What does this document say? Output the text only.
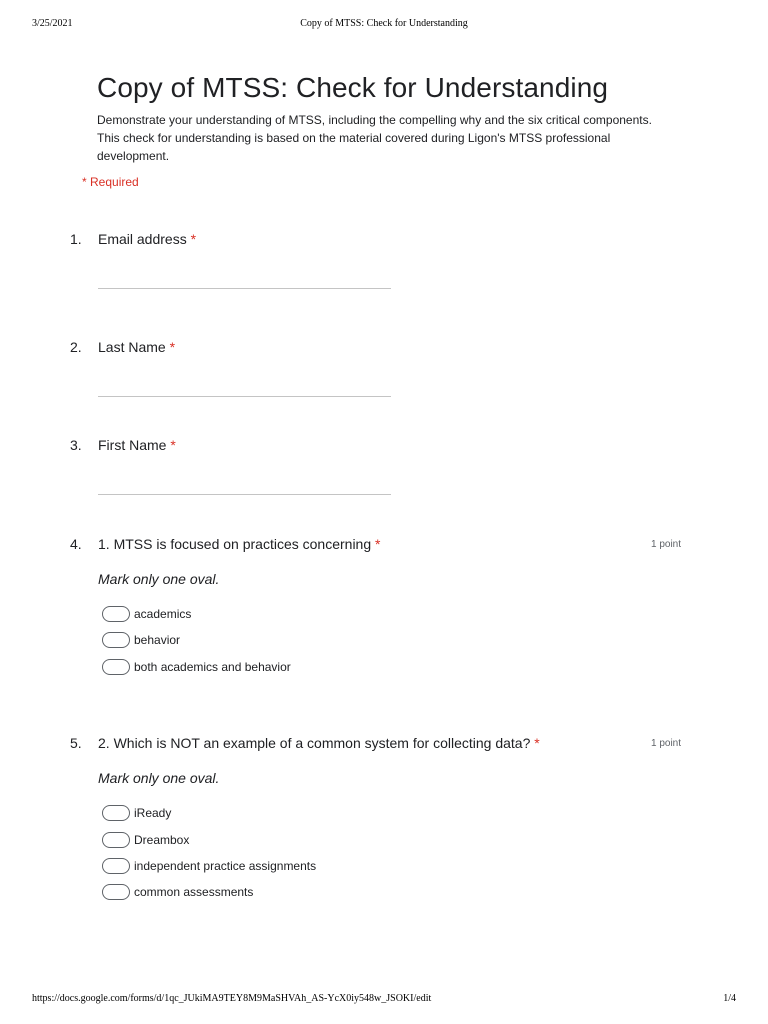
3/25/2021	Copy of MTSS: Check for Understanding
Copy of MTSS: Check for Understanding
Demonstrate your understanding of MTSS, including the compelling why and the six critical components. This check for understanding is based on the material covered during Ligon's MTSS professional development.
* Required
1. Email address *
2. Last Name *
3. First Name *
4. 1. MTSS is focused on practices concerning *	1 point
Mark only one oval.
academics
behavior
both academics and behavior
5. 2. Which is NOT an example of a common system for collecting data? *	1 point
Mark only one oval.
iReady
Dreambox
independent practice assignments
common assessments
https://docs.google.com/forms/d/1qc_JUkiMA9TEY8M9MaSHVAh_AS-YcX0iy548w_JSOKI/edit	1/4
